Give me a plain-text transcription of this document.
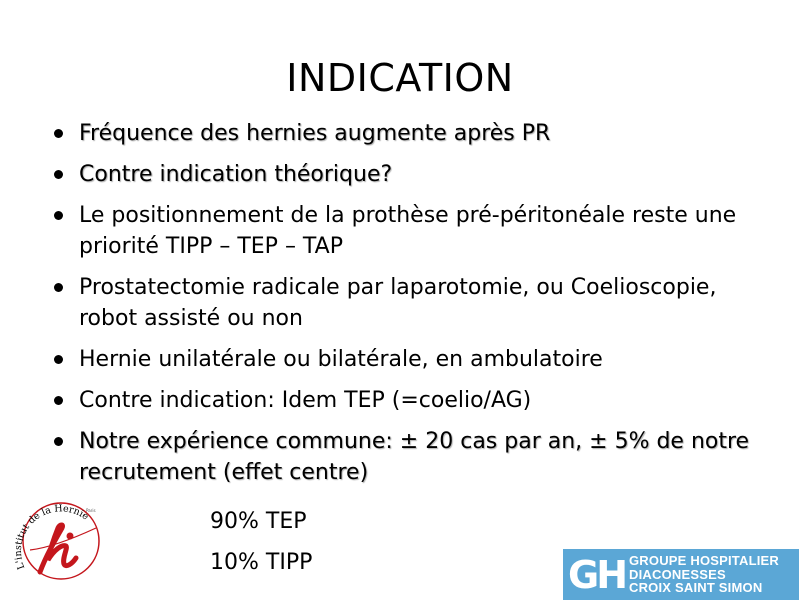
INDICATION
Fréquence des hernies augmente après PR
Contre indication théorique?
Le positionnement de la prothèse pré-péritonéale reste une priorité TIPP – TEP – TAP
Prostatectomie radicale par laparotomie, ou Coelioscopie, robot assisté ou non
Hernie unilatérale ou bilatérale, en ambulatoire
Contre indication: Idem TEP (=coelio/AG)
Notre expérience commune: ± 20 cas par an, ± 5% de notre recrutement (effet centre)
90% TEP
10% TIPP
L'institut de la Hernie
Paris
GH GROUPE HOSPITALIER
DIACONESSES
CROIX SAINT SIMON
